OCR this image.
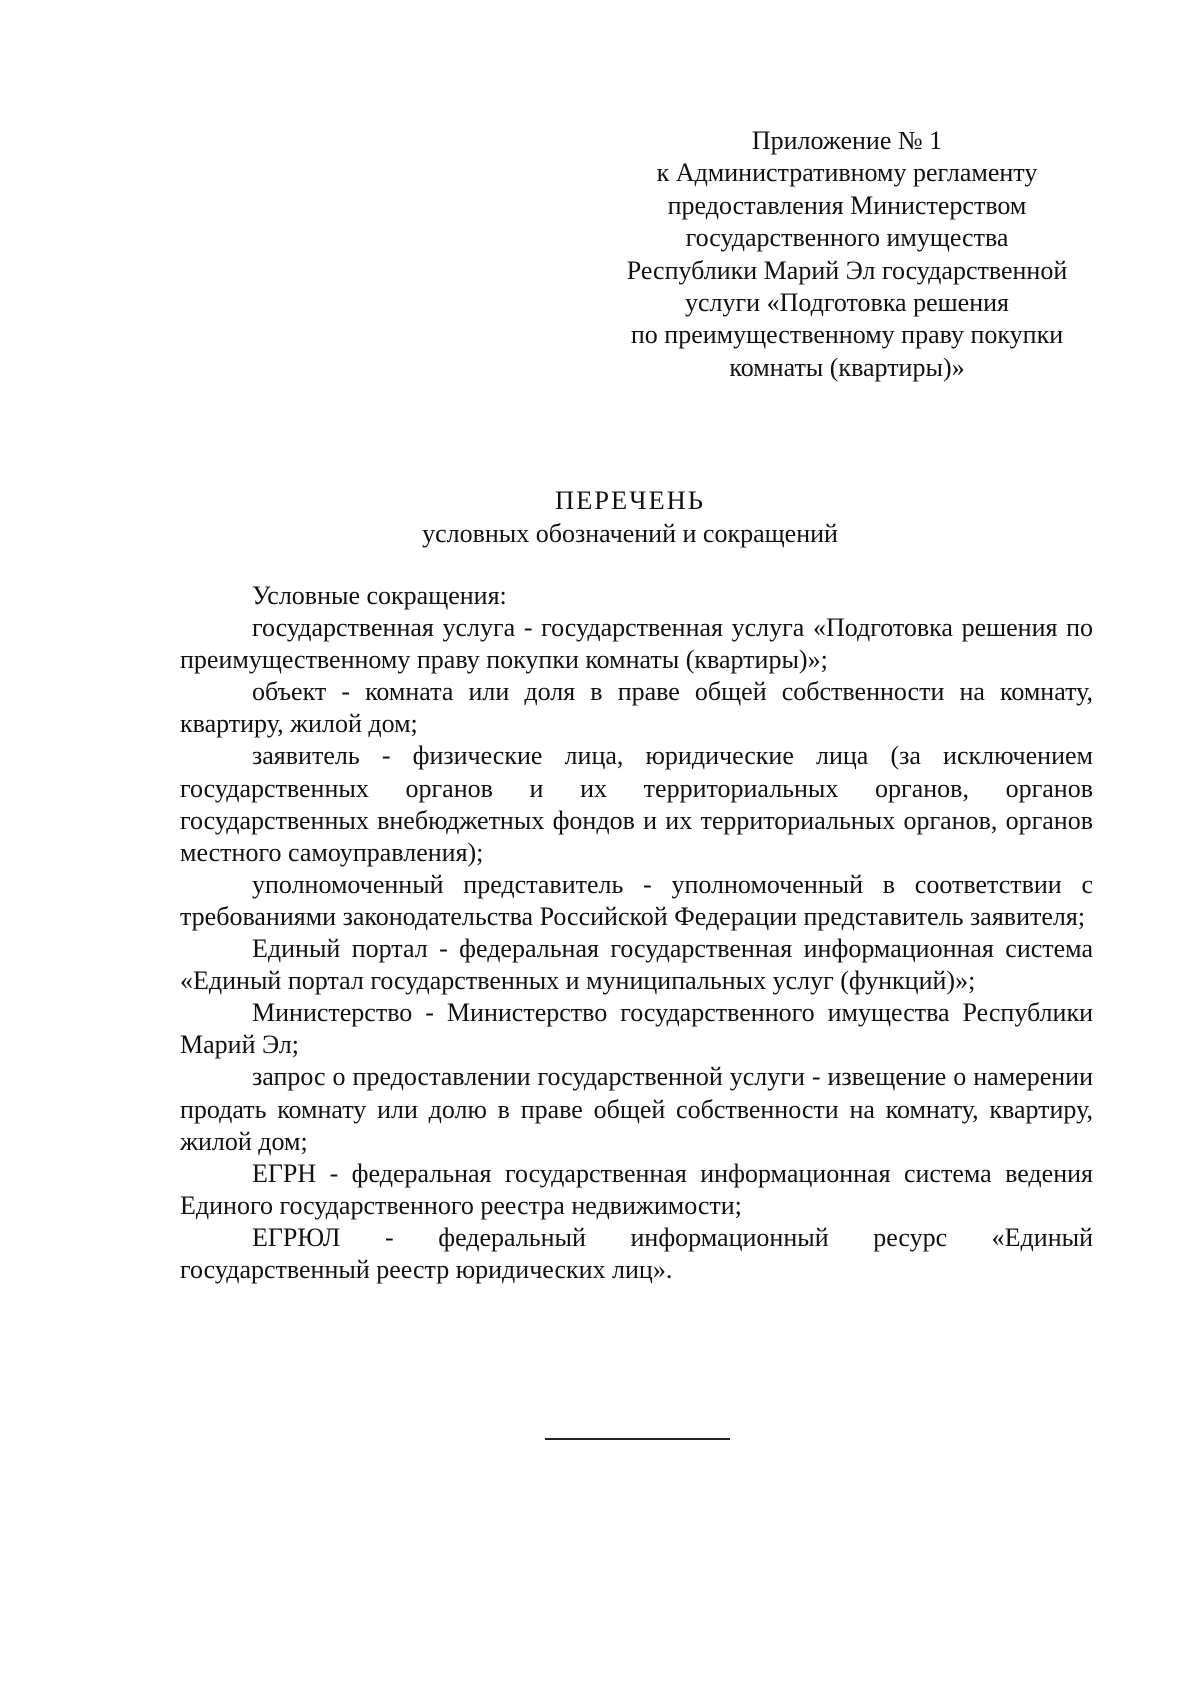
Приложение № 1
к Административному регламенту
предоставления Министерством
государственного имущества
Республики Марий Эл государственной
услуги «Подготовка решения
по преимущественному праву покупки
комнаты (квартиры)»
ПЕРЕЧЕНЬ
условных обозначений и сокращений

Условные сокращения:

государственная услуга - государственная услуга «Подготовка решения по преимущественному праву покупки комнаты (квартиры)»;

объект - комната или доля в праве общей собственности на комнату, квартиру, жилой дом;

заявитель - физические лица, юридические лица (за исключением государственных органов и их территориальных органов, органов государственных внебюджетных фондов и их территориальных органов, органов местного самоуправления);

уполномоченный представитель - уполномоченный в соответствии с требованиями законодательства Российской Федерации представитель заявителя;

Единый портал - федеральная государственная информационная система «Единый портал государственных и муниципальных услуг (функций)»;

Министерство - Министерство государственного имущества Республики Марий Эл;

запрос о предоставлении государственной услуги - извещение о намерении продать комнату или долю в праве общей собственности на комнату, квартиру, жилой дом;

ЕГРН - федеральная государственная информационная система ведения Единого государственного реестра недвижимости;

ЕГРЮЛ - федеральный информационный ресурс «Единый государственный реестр юридических лиц».
